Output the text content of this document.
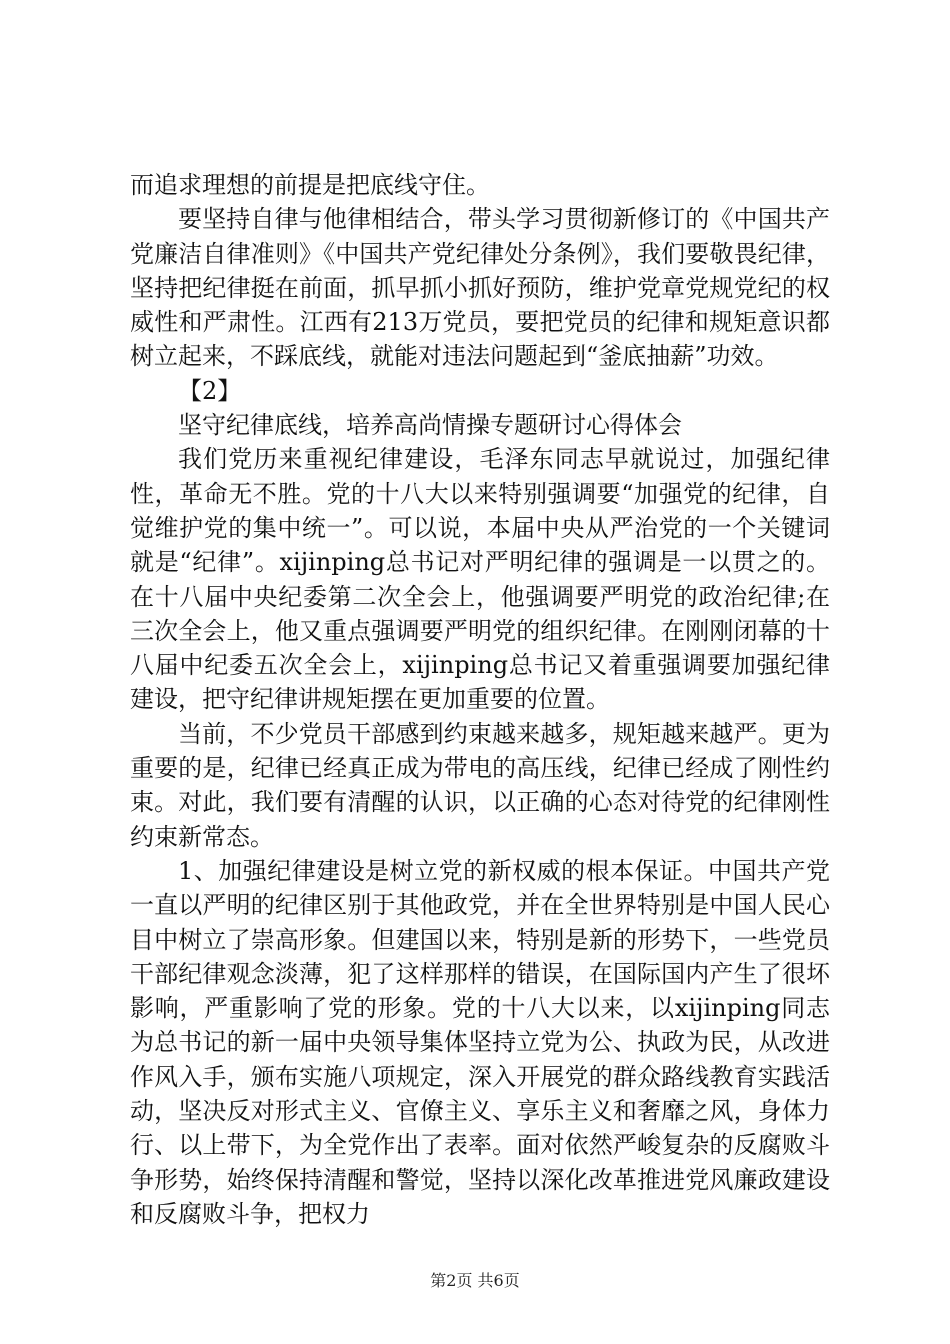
而追求理想的前提是把底线守住。

要坚持自律与他律相结合，带头学习贯彻新修订的《中国共产党廉洁自律准则》《中国共产党纪律处分条例》，我们要敬畏纪律，坚持把纪律挺在前面，抓早抓小抓好预防，维护党章党规党纪的权威性和严肃性。江西有213万党员，要把党员的纪律和规矩意识都树立起来，不踩底线，就能对违法问题起到“釜底抽薪”功效。

【2】

坚守纪律底线，培养高尚情操专题研讨心得体会

我们党历来重视纪律建设，毛泽东同志早就说过，加强纪律性，革命无不胜。党的十八大以来特别强调要“加强党的纪律，自觉维护党的集中统一”。可以说，本届中央从严治党的一个关键词就是“纪律”。xijinping总书记对严明纪律的强调是一以贯之的。在十八届中央纪委第二次全会上，他强调要严明党的政治纪律;在三次全会上，他又重点强调要严明党的组织纪律。在刚刚闭幕的十八届中纪委五次全会上，xijinping总书记又着重强调要加强纪律建设，把守纪律讲规矩摆在更加重要的位置。

当前，不少党员干部感到约束越来越多，规矩越来越严。更为重要的是，纪律已经真正成为带电的高压线，纪律已经成了刚性约束。对此，我们要有清醒的认识，以正确的心态对待党的纪律刚性约束新常态。

1、加强纪律建设是树立党的新权威的根本保证。中国共产党一直以严明的纪律区别于其他政党，并在全世界特别是中国人民心目中树立了崇高形象。但建国以来，特别是新的形势下，一些党员干部纪律观念淡薄，犯了这样那样的错误，在国际国内产生了很坏影响，严重影响了党的形象。党的十八大以来，以xijinping同志为总书记的新一届中央领导集体坚持立党为公、执政为民，从改进作风入手，颁布实施八项规定，深入开展党的群众路线教育实践活动，坚决反对形式主义、官僚主义、享乐主义和奢靡之风，身体力行、以上带下，为全党作出了表率。面对依然严峻复杂的反腐败斗争形势，始终保持清醒和警觉，坚持以深化改革推进党风廉政建设和反腐败斗争，把权力

第2页 共6页
